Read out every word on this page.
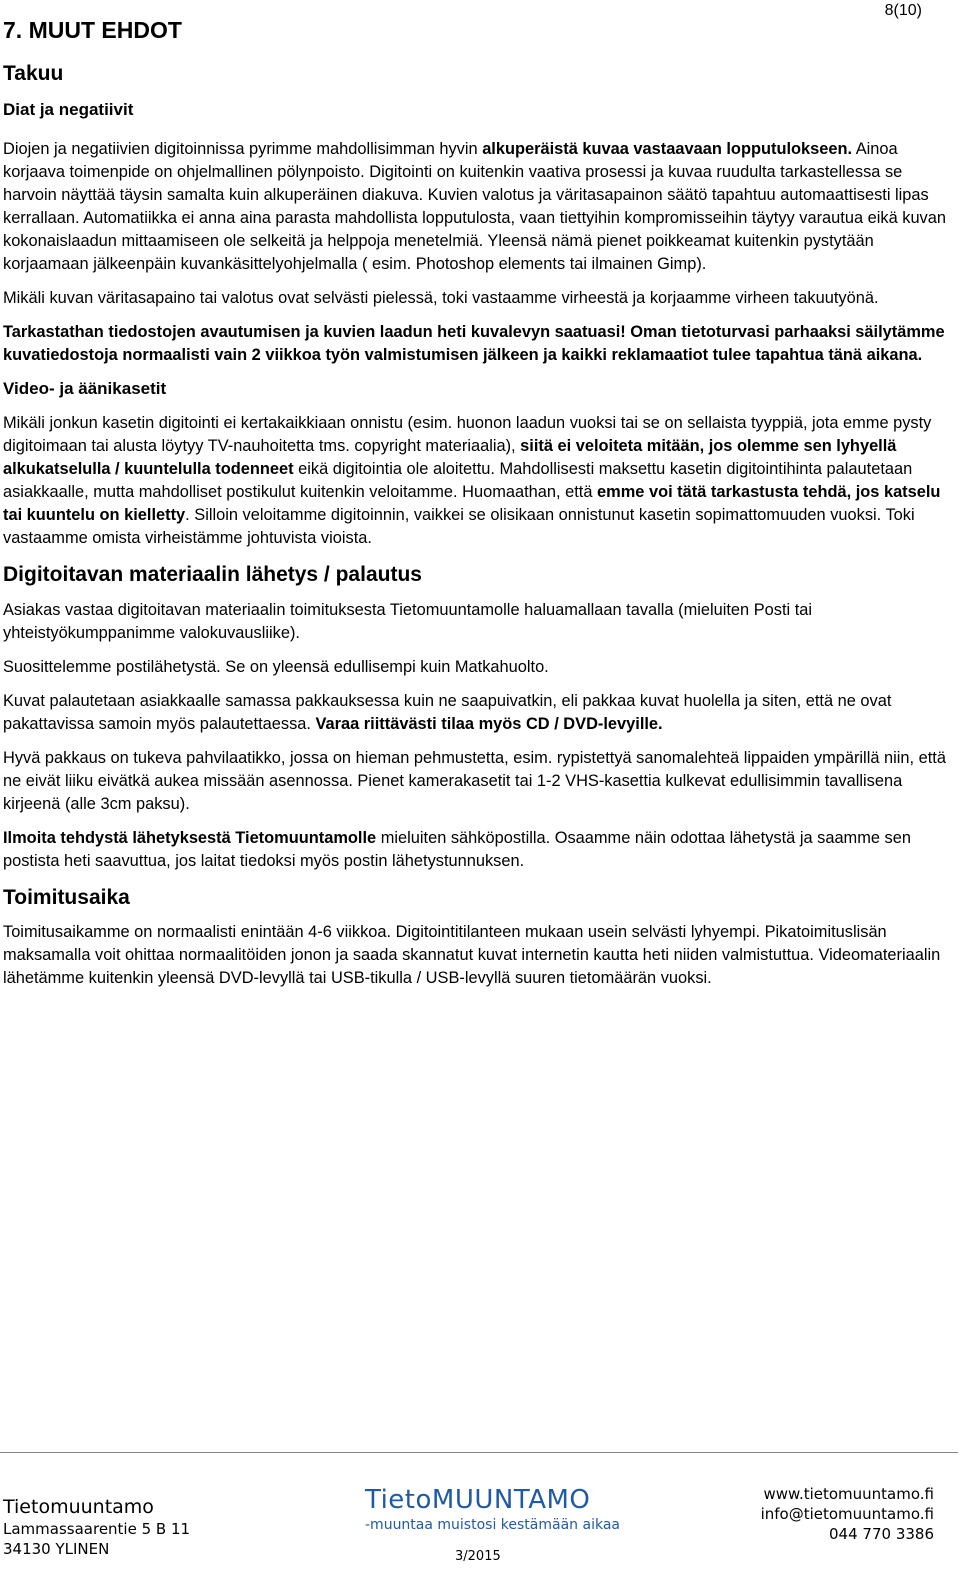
8(10)
7. MUUT EHDOT
Takuu
Diat ja negatiivit

Diojen ja negatiivien digitoinnissa pyrimme mahdollisimman hyvin alkuperäistä kuvaa vastaavaan lopputulokseen. Ainoa korjaava toimenpide on ohjelmallinen pölynpoisto. Digitointi on kuitenkin vaativa prosessi ja kuvaa ruudulta tarkastellessa se harvoin näyttää täysin samalta kuin alkuperäinen diakuva. Kuvien valotus ja väritasapainon säätö tapahtuu automaattisesti lipas kerrallaan. Automatiikka ei anna aina parasta mahdollista lopputulosta, vaan tiettyihin kompromisseihin täytyy varautua eikä kuvan kokonaislaadun mittaamiseen ole selkeitä ja helppoja menetelmiä. Yleensä nämä pienet poikkeamat kuitenkin pystytään korjaamaan jälkeenpäin kuvankäsittelyohjelmalla ( esim. Photoshop elements tai ilmainen Gimp).

Mikäli kuvan väritasapaino tai valotus ovat selvästi pielessä, toki vastaamme virheestä ja korjaamme virheen takuutyönä.

Tarkastathan tiedostojen avautumisen ja kuvien laadun heti kuvalevyn saatuasi! Oman tietoturvasi parhaaksi säilytämme kuvatiedostoja normaalisti vain 2 viikkoa työn valmistumisen jälkeen ja kaikki reklamaatiot tulee tapahtua tänä aikana.

Video- ja äänikasetit

Mikäli jonkun kasetin digitointi ei kertakaikkiaan onnistu (esim. huonon laadun vuoksi tai se on sellaista tyyppiä, jota emme pysty digitoimaan tai alusta löytyy TV-nauhoitetta tms. copyright materiaalia), siitä ei veloiteta mitään, jos olemme sen lyhyellä alkukatselulla / kuuntelulla todenneet eikä digitointia ole aloitettu. Mahdollisesti maksettu kasetin digitointihinta palautetaan asiakkaalle, mutta mahdolliset postikulut kuitenkin veloitamme. Huomaathan, että emme voi tätä tarkastusta tehdä, jos katselu tai kuuntelu on kielletty. Silloin veloitamme digitoinnin, vaikkei se olisikaan onnistunut kasetin sopimattomuuden vuoksi. Toki vastaamme omista virheistämme johtuvista vioista.

Digitoitavan materiaalin lähetys / palautus

Asiakas vastaa digitoitavan materiaalin toimituksesta Tietomuuntamolle haluamallaan tavalla (mieluiten Posti tai yhteistyökumppanimme valokuvausliike).

Suosittelemme postilähetystä. Se on yleensä edullisempi kuin Matkahuolto.

Kuvat palautetaan asiakkaalle samassa pakkauksessa kuin ne saapuivatkin, eli pakkaa kuvat huolella ja siten, että ne ovat pakattavissa samoin myös palautettaessa. Varaa riittävästi tilaa myös CD / DVD-levyille.

Hyvä pakkaus on tukeva pahvilaatikko, jossa on hieman pehmustetta, esim. rypistettyä sanomalehteä lippaiden ympärillä niin, että ne eivät liiku eivätkä aukea missään asennossa. Pienet kamerakasetit tai 1-2 VHS-kasettia kulkevat edullisimmin tavallisena kirjeenä (alle 3cm paksu).

Ilmoita tehdystä lähetyksestä Tietomuuntamolle mieluiten sähköpostilla. Osaamme näin odottaa lähetystä ja saamme sen postista heti saavuttua, jos laitat tiedoksi myös postin lähetystunnuksen.

Toimitusaika

Toimitusaikamme on normaalisti enintään 4-6 viikkoa. Digitointitilanteen mukaan usein selvästi lyhyempi. Pikatoimituslisän maksamalla voit ohittaa normaalitöiden jonon ja saada skannatut kuvat internetin kautta heti niiden valmistuttua. Videomateriaalin lähetämme kuitenkin yleensä DVD-levyllä tai USB-tikulla / USB-levyllä suuren tietomäärän vuoksi.

Tietomuuntamo
Lammassaarentie 5 B 11
34130 YLINEN
TietoMUUNTAMO
-muuntaa muistosi kestämään aikaa
3/2015
www.tietomuuntamo.fi
info@tietomuuntamo.fi
044 770 3386
